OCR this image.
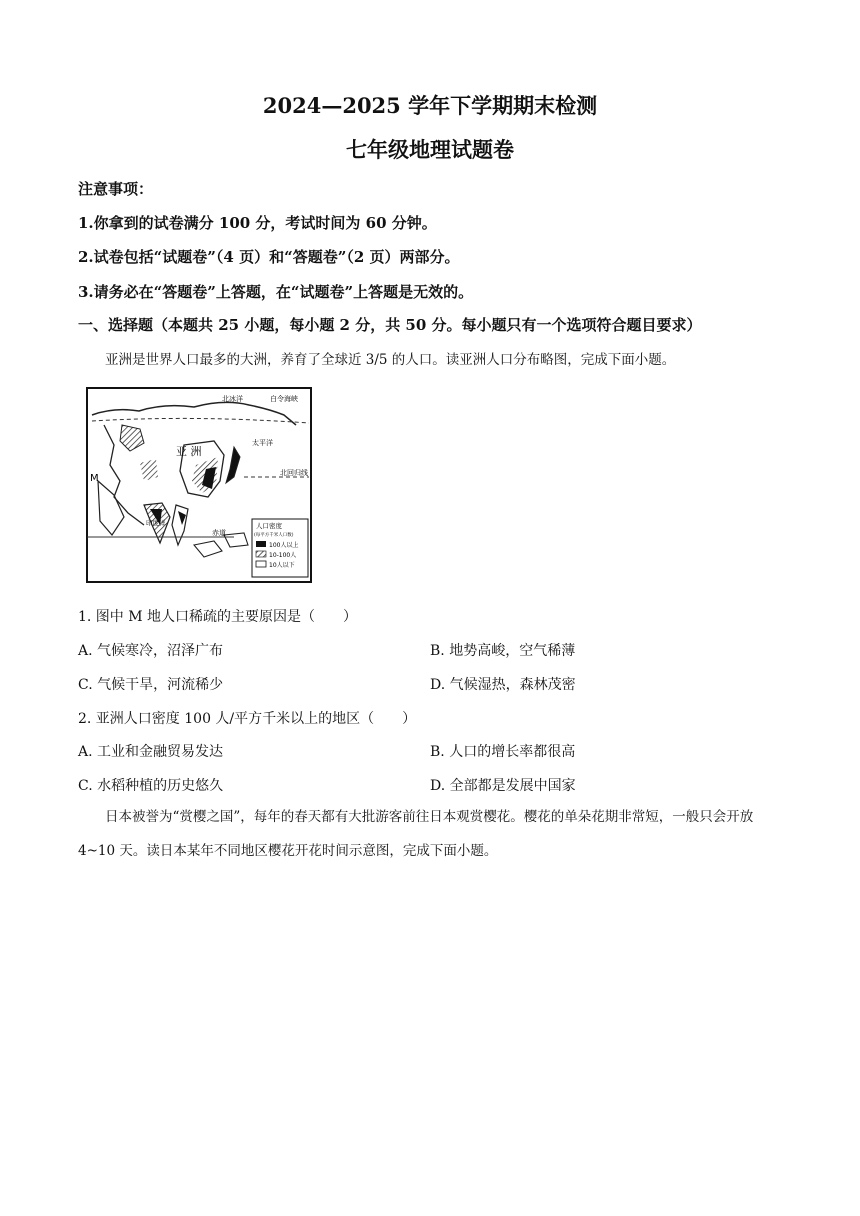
2024—2025 学年下学期期末检测
七年级地理试题卷
注意事项：
1.你拿到的试卷满分 100 分，考试时间为 60 分钟。
2.试卷包括“试题卷”（4 页）和“答题卷”（2 页）两部分。
3.请务必在“答题卷”上答题，在“试题卷”上答题是无效的。
一、选择题（本题共 25 小题，每小题 2 分，共 50 分。每小题只有一个选项符合题目要求）
亚洲是世界人口最多的大洲，养育了全球近 3/5 的人口。读亚洲人口分布略图，完成下面小题。
亚 洲
M
北冰洋	白令海峡
太平洋
北回归线
印度洋
赤道
人口密度
(每平方千米人口数)
100人以上
10-100人
10人以下
1. 图中 M 地人口稀疏的主要原因是（　　）
A. 气候寒冷，沼泽广布	B. 地势高峻，空气稀薄
C. 气候干旱，河流稀少	D. 气候湿热，森林茂密
2. 亚洲人口密度 100 人/平方千米以上的地区（　　）
A. 工业和金融贸易发达	B. 人口的增长率都很高
C. 水稻种植的历史悠久	D. 全部都是发展中国家
日本被誉为“赏樱之国”，每年的春天都有大批游客前往日本观赏樱花。樱花的单朵花期非常短，一般只会开放 4~10 天。读日本某年不同地区樱花开花时间示意图，完成下面小题。
